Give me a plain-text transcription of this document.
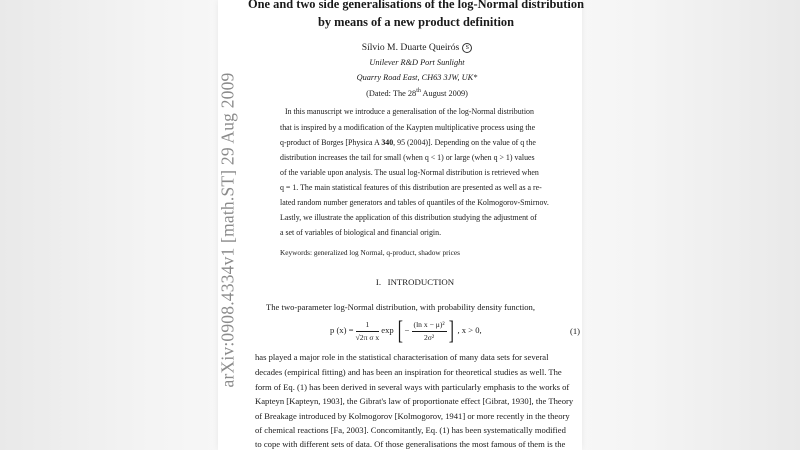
arXiv:0908.4334v1 [math.ST] 29 Aug 2009
One and two side generalisations of the log-Normal distribution
by means of a new product definition
Sílvio M. Duarte Queirós S
Unilever R&D Port Sunlight
Quarry Road East, CH63 3JW, UK*
(Dated: The 28th August 2009)
In this manuscript we introduce a generalisation of the log-Normal distribution
that is inspired by a modification of the Kaypten multiplicative process using the
q-product of Borges [Physica A 340, 95 (2004)]. Depending on the value of q the
distribution increases the tail for small (when q < 1) or large (when q > 1) values
of the variable upon analysis. The usual log-Normal distribution is retrieved when
q = 1. The main statistical features of this distribution are presented as well as a re-
lated random number generators and tables of quantiles of the Kolmogorov-Smirnov.
Lastly, we illustrate the application of this distribution studying the adjustment of
a set of variables of biological and financial origin.
Keywords: generalized log Normal, q-product, shadow prices
I. INTRODUCTION
The two-parameter log-Normal distribution, with probability density function,
p $(x) = \frac{1}{\text{√2π σ x}}$ exp [ − $\frac{\text{(ln x − μ)²}}{\text{2σ²}}$ ] , x > 0,	(1)
has played a major role in the statistical characterisation of many data sets for several
decades (empirical fitting) and has been an inspiration for theoretical studies as well. The
form of Eq. (1) has been derived in several ways with particularly emphasis to the works of
Kapteyn [Kapteyn, 1903], the Gibrat's law of proportionate effect [Gibrat, 1930], the Theory
of Breakage introduced by Kolmogorov [Kolmogorov, 1941] or more recently in the theory
of chemical reactions [Fa, 2003]. Concomitantly, Eq. (1) has been systematically modified
to cope with different sets of data. Of those generalisations the most famous of them is the
